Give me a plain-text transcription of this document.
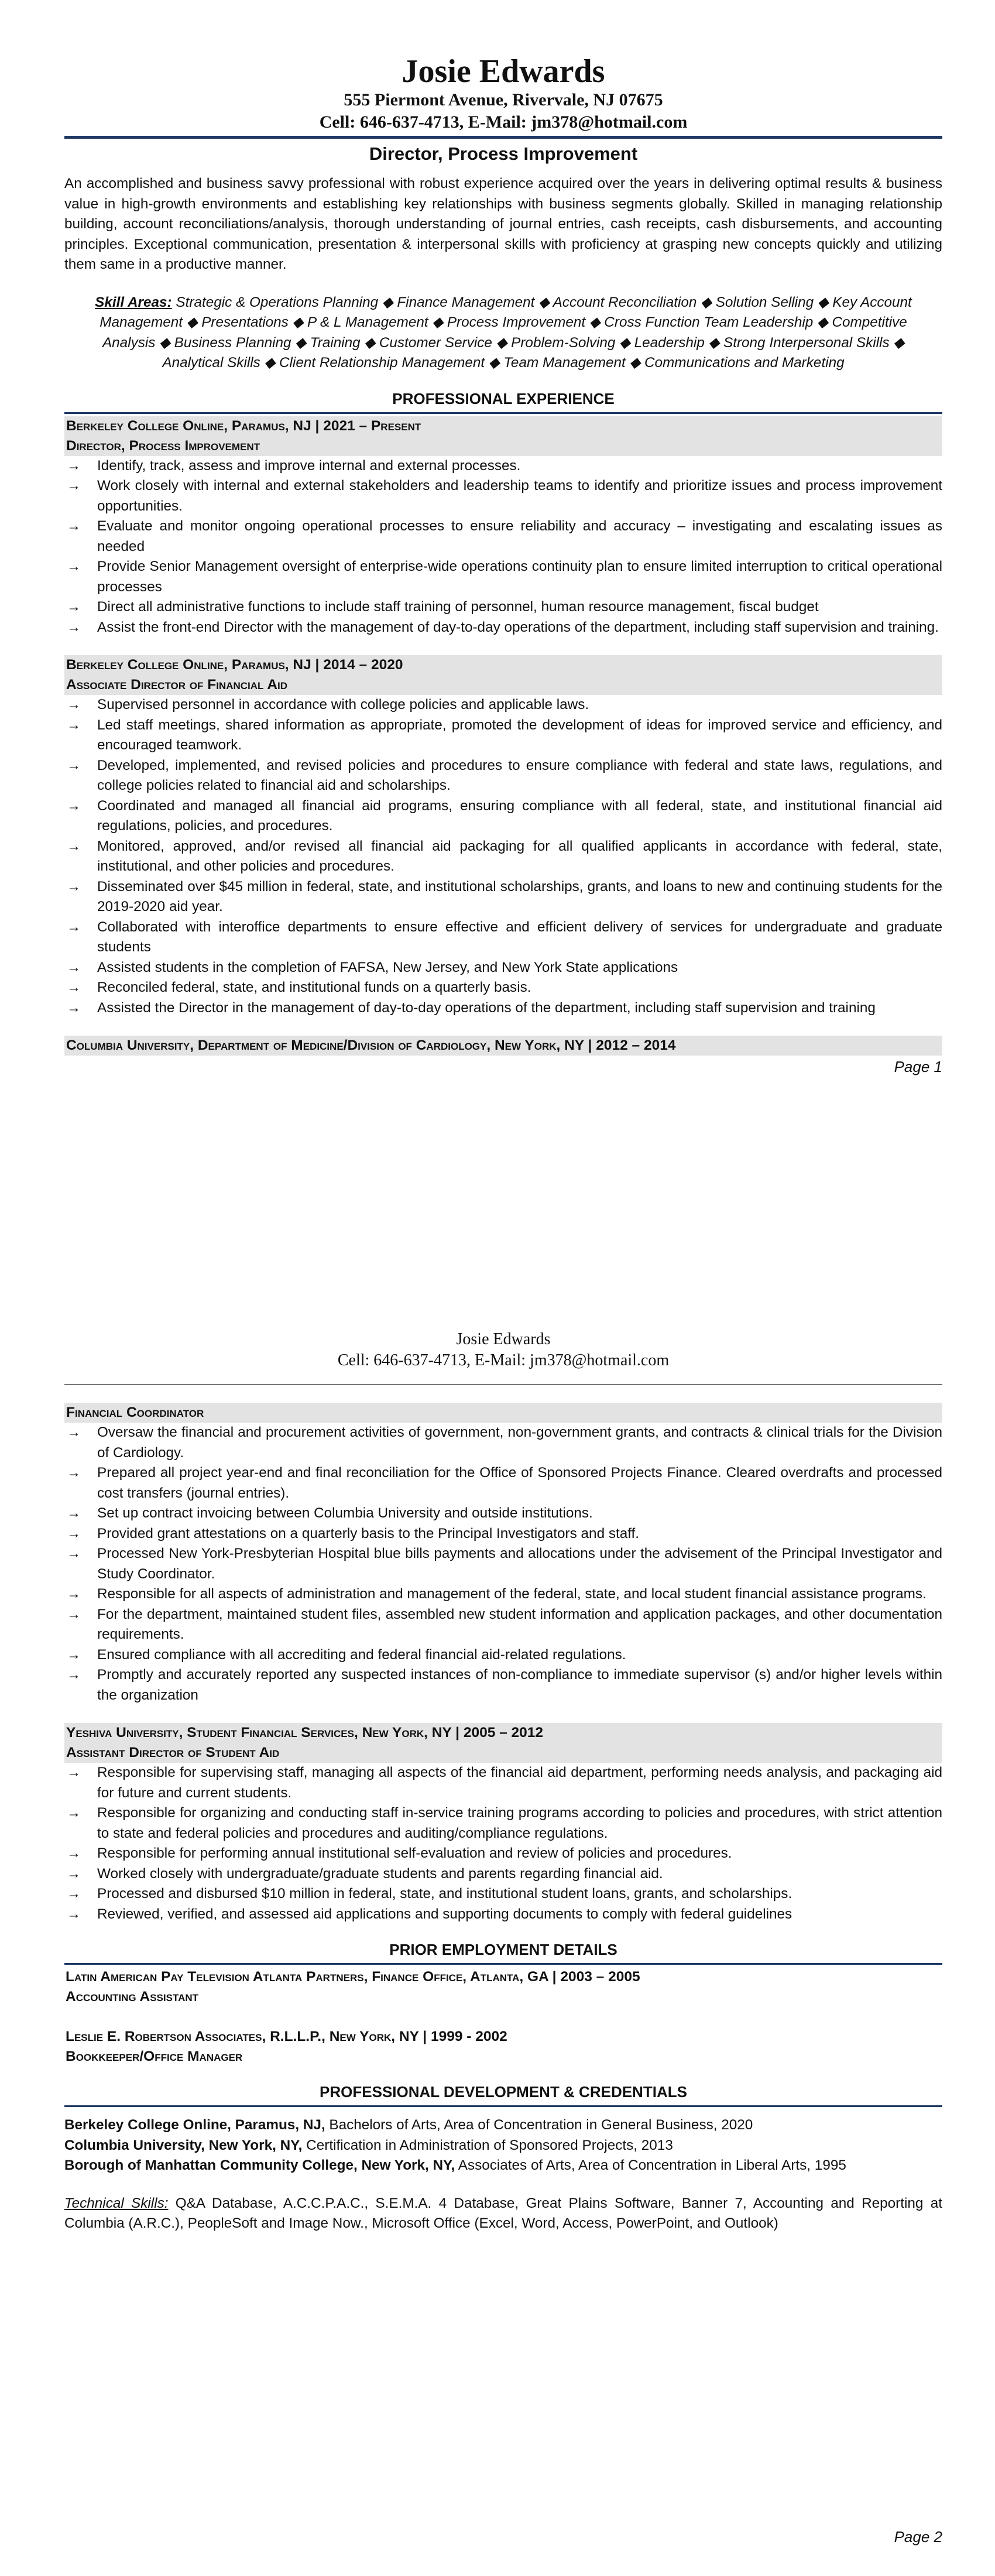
Josie Edwards
555 Piermont Avenue, Rivervale, NJ 07675
Cell: 646-637-4713, E-Mail: jm378@hotmail.com
Director, Process Improvement
An accomplished and business savvy professional with robust experience acquired over the years in delivering optimal results & business value in high-growth environments and establishing key relationships with business segments globally. Skilled in managing relationship building, account reconciliations/analysis, thorough understanding of journal entries, cash receipts, cash disbursements, and accounting principles. Exceptional communication, presentation & interpersonal skills with proficiency at grasping new concepts quickly and utilizing them same in a productive manner.
Skill Areas: Strategic & Operations Planning ◆ Finance Management ◆ Account Reconciliation ◆ Solution Selling ◆ Key Account Management ◆ Presentations ◆ P & L Management ◆ Process Improvement ◆ Cross Function Team Leadership ◆ Competitive Analysis ◆ Business Planning ◆ Training ◆ Customer Service ◆ Problem-Solving ◆ Leadership ◆ Strong Interpersonal Skills ◆ Analytical Skills ◆ Client Relationship Management ◆ Team Management ◆ Communications and Marketing
PROFESSIONAL EXPERIENCE
Berkeley College Online, Paramus, NJ | 2021 – Present
Director, Process Improvement
→ Identify, track, assess and improve internal and external processes.
→ Work closely with internal and external stakeholders and leadership teams to identify and prioritize issues and process improvement opportunities.
→ Evaluate and monitor ongoing operational processes to ensure reliability and accuracy – investigating and escalating issues as needed
→ Provide Senior Management oversight of enterprise-wide operations continuity plan to ensure limited interruption to critical operational processes
→ Direct all administrative functions to include staff training of personnel, human resource management, fiscal budget
→ Assist the front-end Director with the management of day-to-day operations of the department, including staff supervision and training.
Berkeley College Online, Paramus, NJ | 2014 – 2020
Associate Director of Financial Aid
→ Supervised personnel in accordance with college policies and applicable laws.
→ Led staff meetings, shared information as appropriate, promoted the development of ideas for improved service and efficiency, and encouraged teamwork.
→ Developed, implemented, and revised policies and procedures to ensure compliance with federal and state laws, regulations, and college policies related to financial aid and scholarships.
→ Coordinated and managed all financial aid programs, ensuring compliance with all federal, state, and institutional financial aid regulations, policies, and procedures.
→ Monitored, approved, and/or revised all financial aid packaging for all qualified applicants in accordance with federal, state, institutional, and other policies and procedures.
→ Disseminated over $45 million in federal, state, and institutional scholarships, grants, and loans to new and continuing students for the 2019-2020 aid year.
→ Collaborated with interoffice departments to ensure effective and efficient delivery of services for undergraduate and graduate students
→ Assisted students in the completion of FAFSA, New Jersey, and New York State applications
→ Reconciled federal, state, and institutional funds on a quarterly basis.
→ Assisted the Director in the management of day-to-day operations of the department, including staff supervision and training
Columbia University, Department of Medicine/Division of Cardiology, New York, NY | 2012 – 2014
Page 1
Josie Edwards
Cell: 646-637-4713, E-Mail: jm378@hotmail.com
Financial Coordinator
→ Oversaw the financial and procurement activities of government, non-government grants, and contracts & clinical trials for the Division of Cardiology.
→ Prepared all project year-end and final reconciliation for the Office of Sponsored Projects Finance. Cleared overdrafts and processed cost transfers (journal entries).
→ Set up contract invoicing between Columbia University and outside institutions.
→ Provided grant attestations on a quarterly basis to the Principal Investigators and staff.
→ Processed New York-Presbyterian Hospital blue bills payments and allocations under the advisement of the Principal Investigator and Study Coordinator.
→ Responsible for all aspects of administration and management of the federal, state, and local student financial assistance programs.
→ For the department, maintained student files, assembled new student information and application packages, and other documentation requirements.
→ Ensured compliance with all accrediting and federal financial aid-related regulations.
→ Promptly and accurately reported any suspected instances of non-compliance to immediate supervisor (s) and/or higher levels within the organization
Yeshiva University, Student Financial Services, New York, NY | 2005 – 2012
Assistant Director of Student Aid
→ Responsible for supervising staff, managing all aspects of the financial aid department, performing needs analysis, and packaging aid for future and current students.
→ Responsible for organizing and conducting staff in-service training programs according to policies and procedures, with strict attention to state and federal policies and procedures and auditing/compliance regulations.
→ Responsible for performing annual institutional self-evaluation and review of policies and procedures.
→ Worked closely with undergraduate/graduate students and parents regarding financial aid.
→ Processed and disbursed $10 million in federal, state, and institutional student loans, grants, and scholarships.
→ Reviewed, verified, and assessed aid applications and supporting documents to comply with federal guidelines
PRIOR EMPLOYMENT DETAILS
Latin American Pay Television Atlanta Partners, Finance Office, Atlanta, GA | 2003 – 2005
Accounting Assistant
Leslie E. Robertson Associates, R.L.L.P., New York, NY | 1999 - 2002
Bookkeeper/Office Manager
PROFESSIONAL DEVELOPMENT & CREDENTIALS
Berkeley College Online, Paramus, NJ, Bachelors of Arts, Area of Concentration in General Business, 2020
Columbia University, New York, NY, Certification in Administration of Sponsored Projects, 2013
Borough of Manhattan Community College, New York, NY, Associates of Arts, Area of Concentration in Liberal Arts, 1995
Technical Skills: Q&A Database, A.C.C.P.A.C., S.E.M.A. 4 Database, Great Plains Software, Banner 7, Accounting and Reporting at Columbia (A.R.C.), PeopleSoft and Image Now., Microsoft Office (Excel, Word, Access, PowerPoint, and Outlook)
Page 2
